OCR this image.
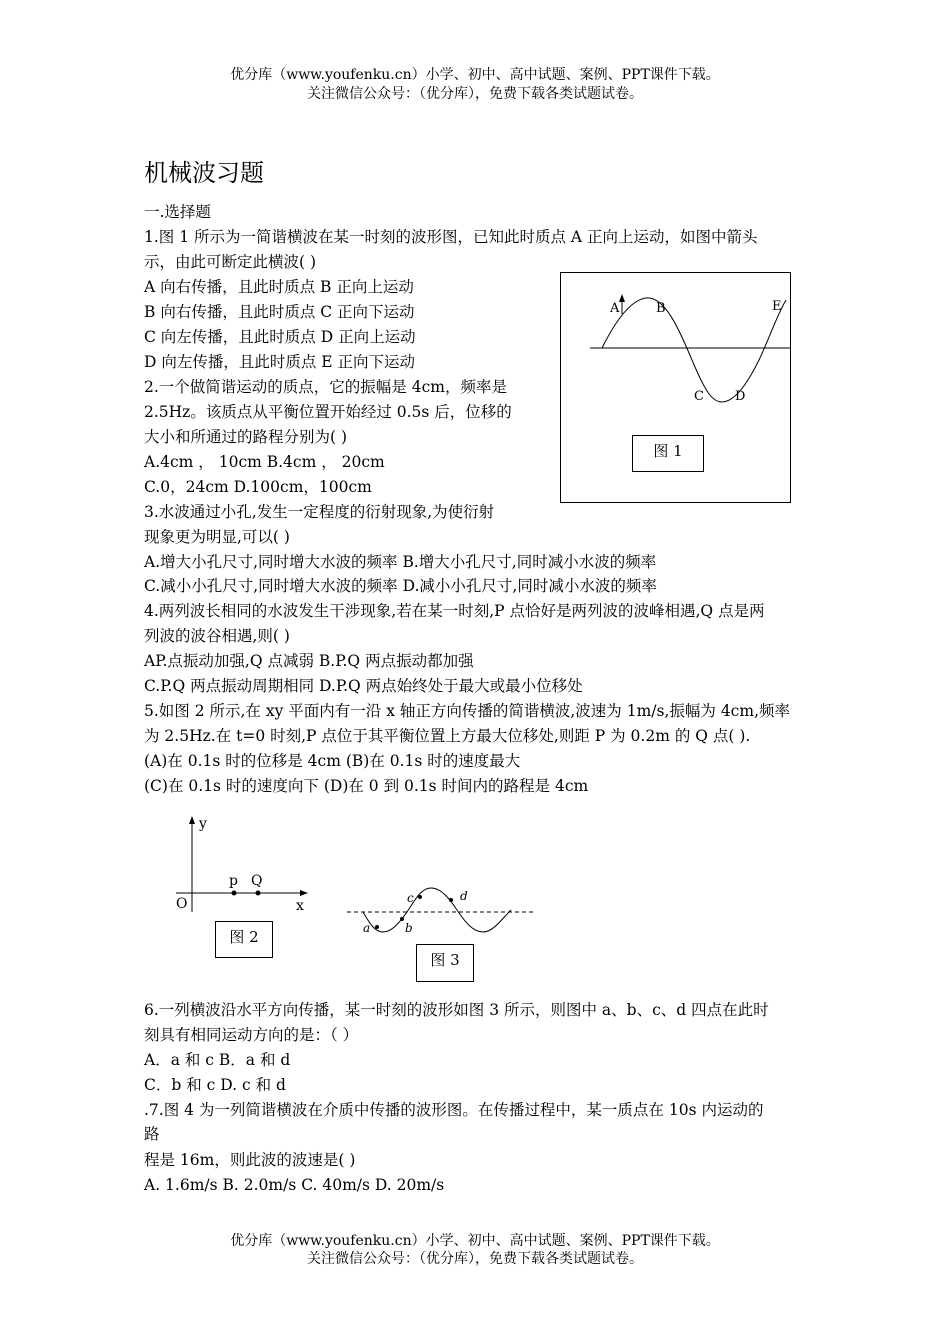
优分库（www.youfenku.cn）小学、初中、高中试题、案例、PPT课件下载。
关注微信公众号：（优分库），免费下载各类试题试卷。
机械波习题
一.选择题
1.图 1 所示为一简谐横波在某一时刻的波形图，已知此时质点 A 正向上运动，如图中箭头
示，由此可断定此横波( )
A 向右传播，且此时质点 B 正向上运动
B 向右传播，且此时质点 C 正向下运动
C 向左传播，且此时质点 D 正向上运动
D 向左传播，且此时质点 E 正向下运动
2.一个做简谐运动的质点，它的振幅是 4cm，频率是
2.5Hz。该质点从平衡位置开始经过 0.5s 后，位移的
大小和所通过的路程分别为( )
A.4cm ， 10cm B.4cm ， 20cm
C.0，24cm D.100cm，100cm
3.水波通过小孔,发生一定程度的衍射现象,为使衍射
现象更为明显,可以( )
A.增大小孔尺寸,同时增大水波的频率 B.增大小孔尺寸,同时减小水波的频率
C.减小小孔尺寸,同时增大水波的频率 D.减小小孔尺寸,同时减小水波的频率
4.两列波长相同的水波发生干涉现象,若在某一时刻,P 点恰好是两列波的波峰相遇,Q 点是两
列波的波谷相遇,则( )
AP.点振动加强,Q 点减弱 B.P.Q 两点振动都加强
C.P.Q 两点振动周期相同 D.P.Q 两点始终处于最大或最小位移处
5.如图 2 所示,在 xy 平面内有一沿 x 轴正方向传播的简谐横波,波速为 1m/s,振幅为 4cm,频率
为 2.5Hz.在 t=0 时刻,P 点位于其平衡位置上方最大位移处,则距 P 为 0.2m 的 Q 点( ).
(A)在 0.1s 时的位移是 4cm (B)在 0.1s 时的速度最大
(C)在 0.1s 时的速度向下 (D)在 0 到 0.1s 时间内的路程是 4cm
6.一列横波沿水平方向传播，某一时刻的波形如图 3 所示，则图中 a、b、c、d 四点在此时
刻具有相同运动方向的是：（ ）
A．a 和 c B．a 和 d
C．b 和 c D. c 和 d
.7.图 4 为一列简谐横波在介质中传播的波形图。在传播过程中，某一质点在 10s 内运动的
路
程是 16m，则此波的波速是( )
A. 1.6m/s B. 2.0m/s C. 40m/s D. 20m/s
优分库（www.youfenku.cn）小学、初中、高中试题、案例、PPT课件下载。
关注微信公众号：（优分库），免费下载各类试题试卷。
A	B
C D
E
图 1
y
x
O
p Q
图 2	a	b
c	d
图 3
